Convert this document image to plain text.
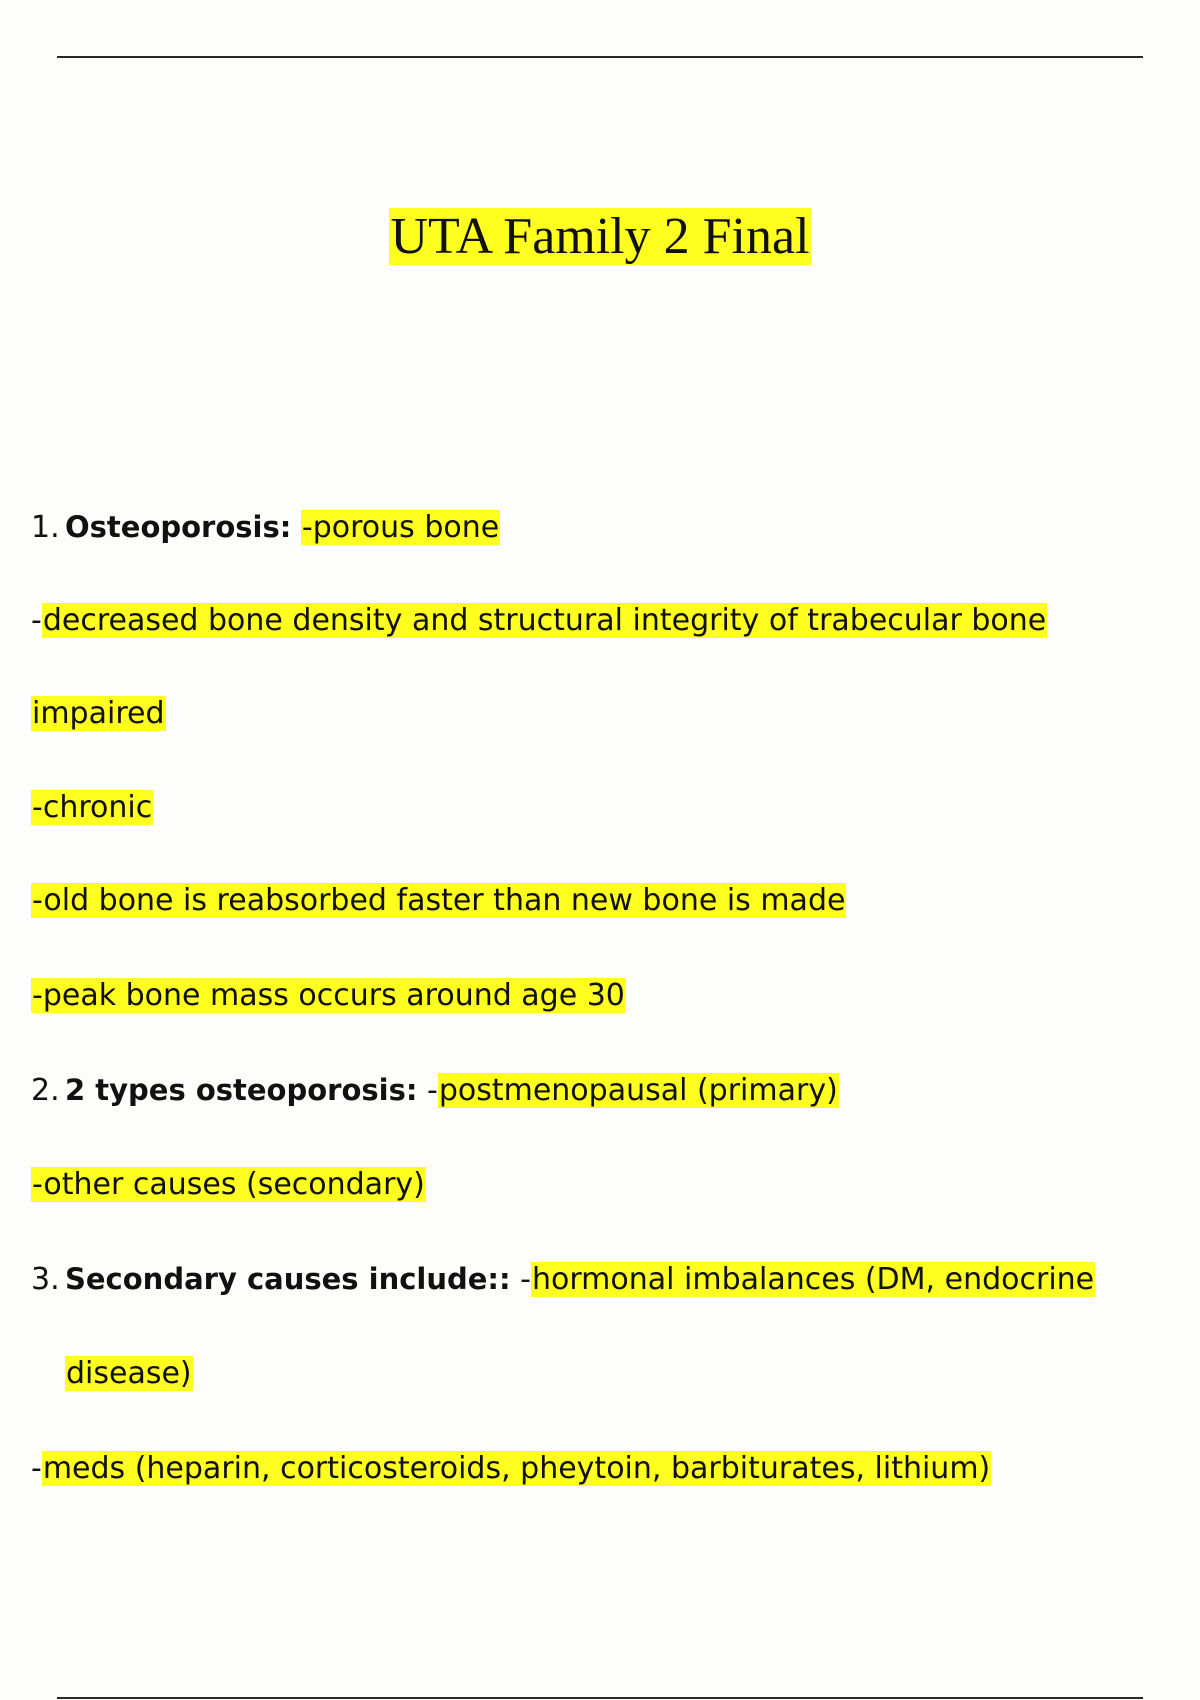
UTA Family 2 Final
1. Osteoporosis: -porous bone
-decreased bone density and structural integrity of trabecular bone
impaired
-chronic
-old bone is reabsorbed faster than new bone is made
-peak bone mass occurs around age 30
2. 2 types osteoporosis: -postmenopausal (primary)
-other causes (secondary)
3. Secondary causes include:: -hormonal imbalances (DM, endocrine
disease)
-meds (heparin, corticosteroids, pheytoin, barbiturates, lithium)
